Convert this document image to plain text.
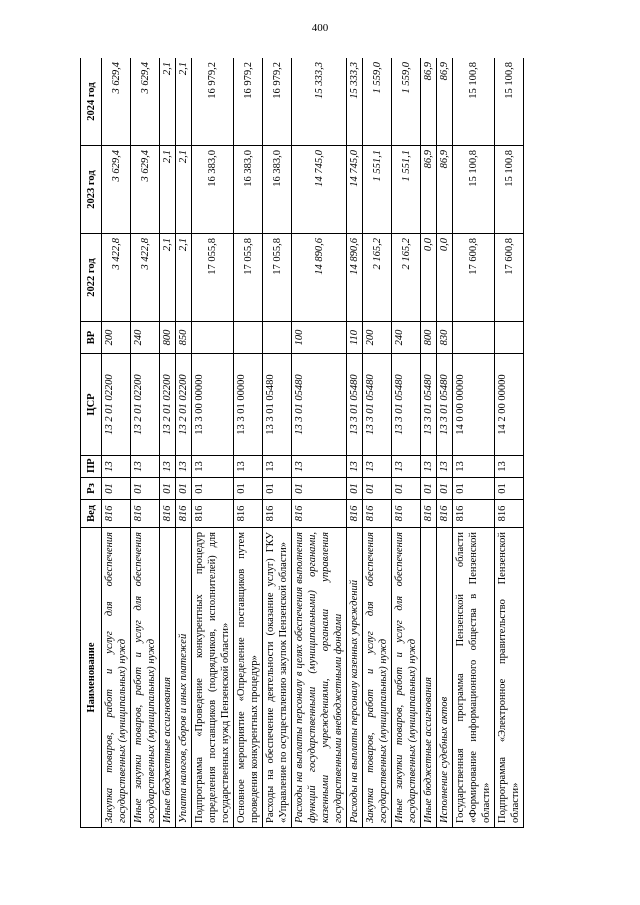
400
Наименование	Вед	Рз	ПР	ЦСР	ВР	2022 год	2023 год	2024 год
Закупка товаров, работ и услуг для обеспечения государственных (муниципальных) нужд	816	01	13	13 2 01 02200	200	3 422,8	3 629,4	3 629,4
Иные закупки товаров, работ и услуг для обеспечения государственных (муниципальных) нужд	816	01	13	13 2 01 02200	240	3 422,8	3 629,4	3 629,4
Иные бюджетные ассигнования	816	01	13	13 2 01 02200	800	2,1	2,1	2,1
Уплата налогов, сборов и иных платежей	816	01	13	13 2 01 02200	850	2,1	2,1	2,1
Подпрограмма «Проведение конкурентных процедур определения поставщиков (подрядчиков, исполнителей) для государственных нужд Пензенской области»	816	01	13	13 3 00 00000		17 055,8	16 383,0	16 979,2
Основное мероприятие «Определение поставщиков путем проведения конкурентных процедур»	816	01	13	13 3 01 00000		17 055,8	16 383,0	16 979,2
Расходы на обеспечение деятельности (оказание услуг) ГКУ «Управление по осуществлению закупок Пензенской области»	816	01	13	13 3 01 05480		17 055,8	16 383,0	16 979,2
Расходы на выплаты персоналу в целях обеспечения выполнения функций государственными (муниципальными) органами, казенными учреждениями, органами управления государственными внебюджетными фондами	816	01	13	13 3 01 05480	100	14 890,6	14 745,0	15 333,3
Расходы на выплаты персоналу казенных учреждений	816	01	13	13 3 01 05480	110	14 890,6	14 745,0	15 333,3
Закупка товаров, работ и услуг для обеспечения государственных (муниципальных) нужд	816	01	13	13 3 01 05480	200	2 165,2	1 551,1	1 559,0
Иные закупки товаров, работ и услуг для обеспечения государственных (муниципальных) нужд	816	01	13	13 3 01 05480	240	2 165,2	1 551,1	1 559,0
Иные бюджетные ассигнования	816	01	13	13 3 01 05480	800	0,0	86,9	86,9
Исполнение судебных актов	816	01	13	13 3 01 05480	830	0,0	86,9	86,9
Государственная программа Пензенской области «Формирование информационного общества в Пензенской области»	816	01	13	14 0 00 00000		17 600,8	15 100,8	15 100,8
Подпрограмма «Электронное правительство Пензенской области»	816	01	13	14 2 00 00000		17 600,8	15 100,8	15 100,8
